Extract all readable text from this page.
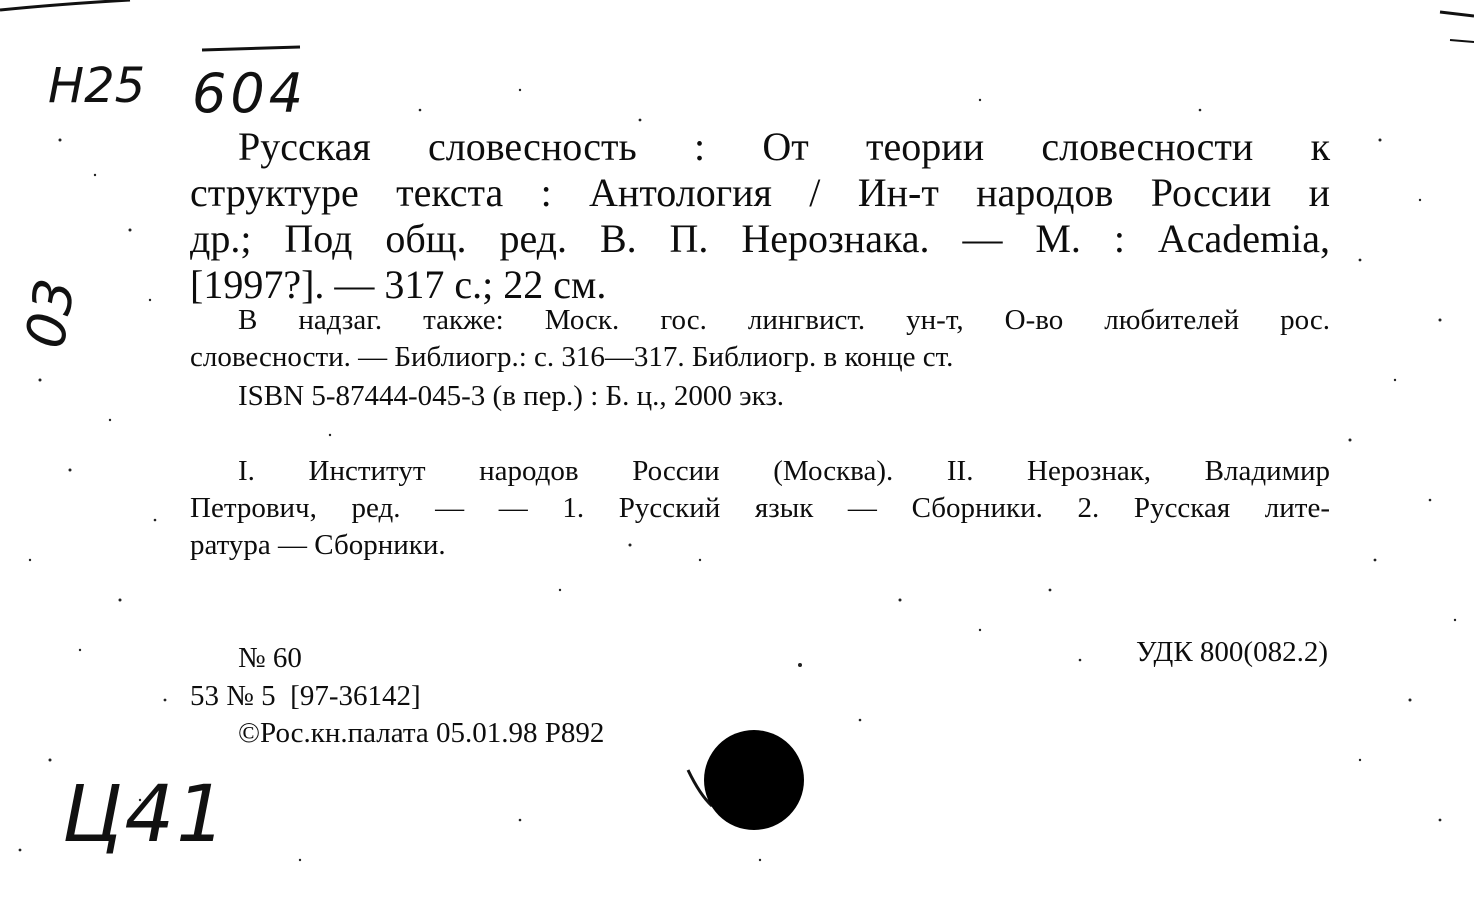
Н25 604
03
Ц41
Русская словесность : От теории словесности к
структуре текста : Антология / Ин-т народов России и
др.; Под общ. ред. В. П. Нерознака. — М. : Academia,
[1997?]. — 317 с.; 22 см.
В надзаг. также: Моск. гос. лингвист. ун-т, О-во любителей рос.
словесности. — Библиогр.: с. 316—317. Библиогр. в конце ст.
ISBN 5-87444-045-3 (в пер.) : Б. ц., 2000 экз.
I. Институт народов России (Москва). II. Нерознак, Владимир
Петрович, ред. — — 1. Русский язык — Сборники. 2. Русская лите-
ратура — Сборники.
№ 60	УДК 800(082.2)
53 № 5  [97-36142]
©Рос.кн.палата 05.01.98 Р892
